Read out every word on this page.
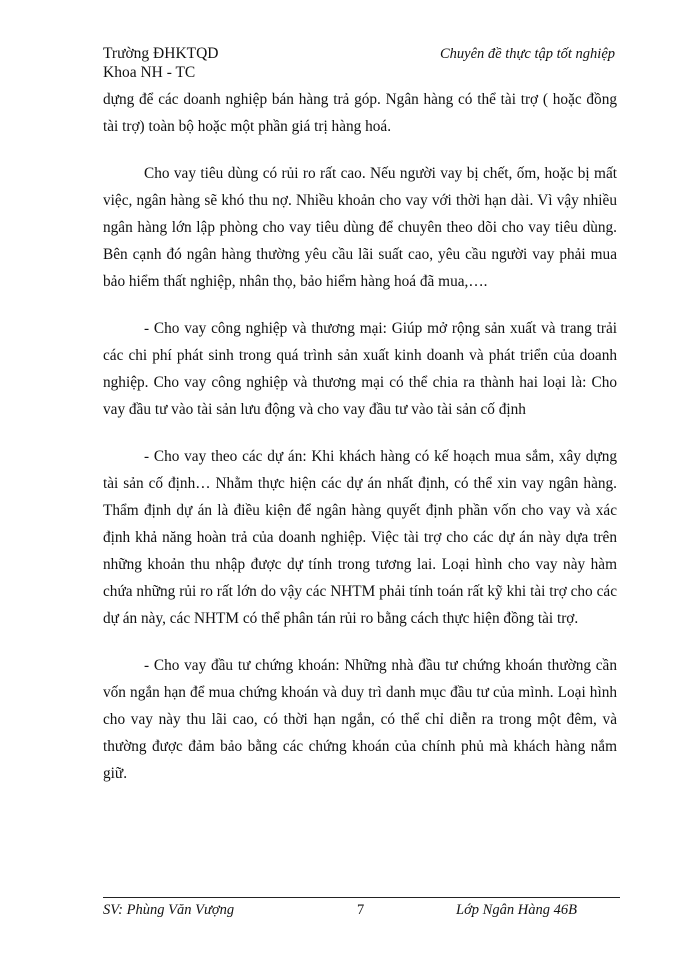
Trường ĐHKTQD
Khoa NH - TC
Chuyên đề thực tập tốt nghiệp

dựng để các doanh nghiệp bán hàng trả góp. Ngân hàng có thể tài trợ ( hoặc đồng tài trợ) toàn bộ hoặc một phần giá trị hàng hoá.

Cho vay tiêu dùng có rủi ro rất cao. Nếu người vay bị chết, ốm, hoặc bị mất việc, ngân hàng sẽ khó thu nợ. Nhiều khoản cho vay với thời hạn dài. Vì vậy nhiều ngân hàng lớn lập phòng cho vay tiêu dùng để chuyên theo dõi cho vay tiêu dùng. Bên cạnh đó ngân hàng thường yêu cầu lãi suất cao, yêu cầu người vay phải mua bảo hiểm thất nghiệp, nhân thọ, bảo hiểm hàng hoá đã mua,….

- Cho vay công nghiệp và thương mại: Giúp mở rộng sản xuất và trang trải các chi phí phát sinh trong quá trình sản xuất kinh doanh và phát triển của doanh nghiệp. Cho vay công nghiệp và thương mại có thể chia ra thành hai loại là: Cho vay đầu tư vào tài sản lưu động và cho vay đầu tư vào tài sản cố định

- Cho vay theo các dự án: Khi khách hàng có kế hoạch mua sắm, xây dựng tài sản cố định… Nhằm thực hiện các dự án nhất định, có thể xin vay ngân hàng. Thẩm định dự án là điều kiện để ngân hàng quyết định phần vốn cho vay và xác định khả năng hoàn trả của doanh nghiệp. Việc tài trợ cho các dự án này dựa trên những khoản thu nhập được dự tính trong tương lai. Loại hình cho vay này hàm chứa những rủi ro rất lớn do vậy các NHTM phải tính toán rất kỹ khi tài trợ cho các dự án này, các NHTM có thể phân tán rủi ro bằng cách thực hiện đồng tài trợ.

- Cho vay đầu tư chứng khoán: Những nhà đầu tư chứng khoán thường cần vốn ngắn hạn để mua chứng khoán và duy trì danh mục đầu tư của mình. Loại hình cho vay này thu lãi cao, có thời hạn ngắn, có thể chỉ diễn ra trong một đêm, và thường được đảm bảo bằng các chứng khoán của chính phủ mà khách hàng nắm giữ.

SV: Phùng Văn Vượng	7	Lớp Ngân Hàng 46B
